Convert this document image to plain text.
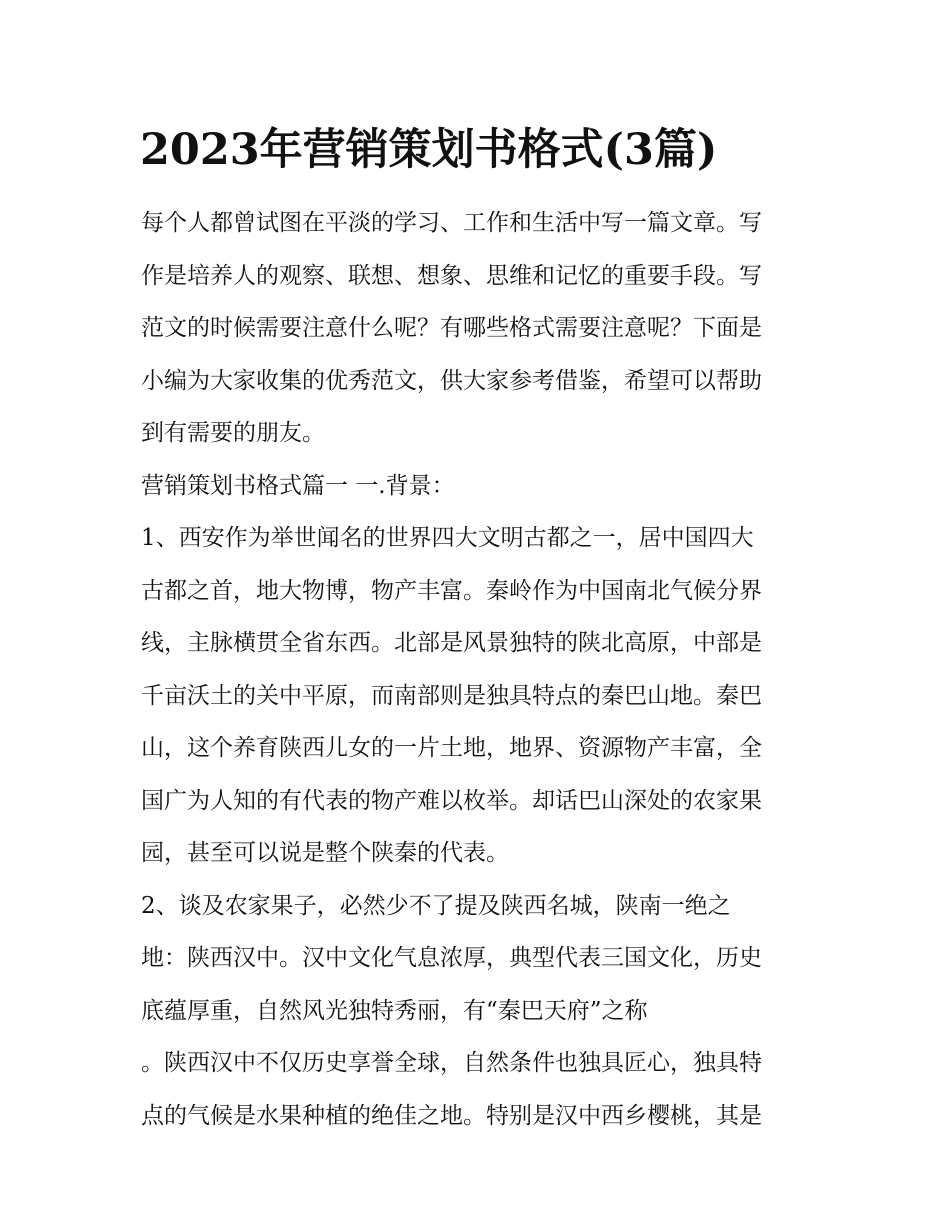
2023年营销策划书格式(3篇)
每个人都曾试图在平淡的学习、工作和生活中写一篇文章。写
作是培养人的观察、联想、想象、思维和记忆的重要手段。写
范文的时候需要注意什么呢？有哪些格式需要注意呢？下面是
小编为大家收集的优秀范文，供大家参考借鉴，希望可以帮助
到有需要的朋友。
营销策划书格式篇一 一.背景：
1、西安作为举世闻名的世界四大文明古都之一，居中国四大
古都之首，地大物博，物产丰富。秦岭作为中国南北气候分界
线，主脉横贯全省东西。北部是风景独特的陕北高原，中部是
千亩沃土的关中平原，而南部则是独具特点的秦巴山地。秦巴
山，这个养育陕西儿女的一片土地，地界、资源物产丰富，全
国广为人知的有代表的物产难以枚举。却话巴山深处的农家果
园，甚至可以说是整个陕秦的代表。
2、谈及农家果子，必然少不了提及陕西名城，陕南一绝之
地：陕西汉中。汉中文化气息浓厚，典型代表三国文化，历史
底蕴厚重，自然风光独特秀丽，有“秦巴天府”之称
。陕西汉中不仅历史享誉全球，自然条件也独具匠心，独具特
点的气候是水果种植的绝佳之地。特别是汉中西乡樱桃，其是
